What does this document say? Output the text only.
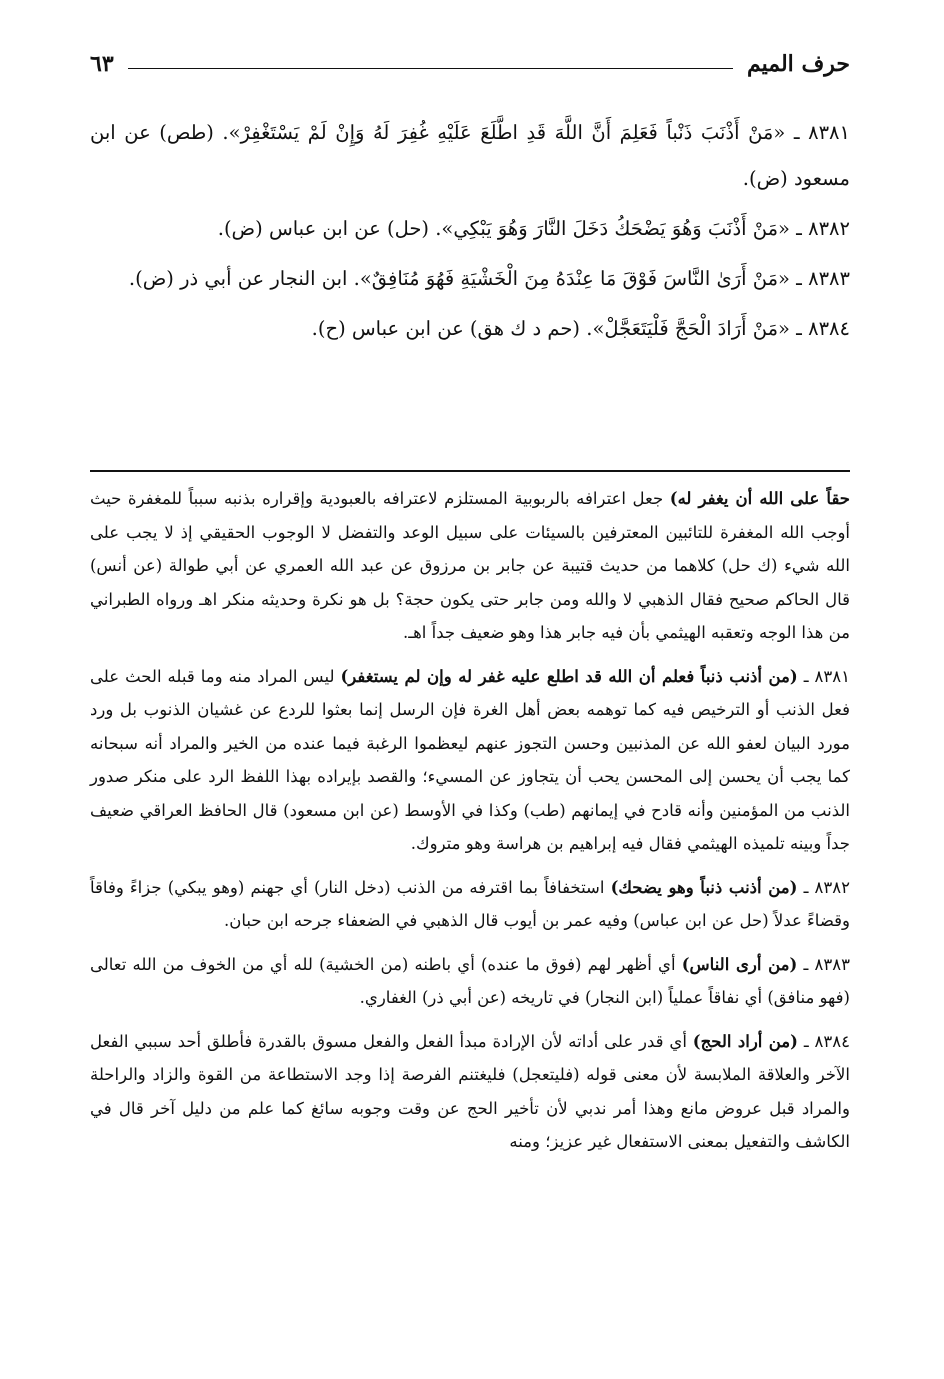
حرف الميم
٦٣

٨٣٨١ ـ «مَنْ أَذْنَبَ ذَنْباً فَعَلِمَ أَنَّ اللَّهَ قَدِ اطَّلَعَ عَلَيْهِ غُفِرَ لَهُ وَإِنْ لَمْ يَسْتَغْفِرْ». (طص) عن ابن مسعود (ض).

٨٣٨٢ ـ «مَنْ أَذْنَبَ وَهُوَ يَضْحَكُ دَخَلَ النَّارَ وَهُوَ يَبْكِي». (حل) عن ابن عباس (ض).

٨٣٨٣ ـ «مَنْ أَرَىٰ النَّاسَ فَوْقَ مَا عِنْدَهُ مِنَ الْخَشْيَةِ فَهُوَ مُنَافِقٌ». ابن النجار عن أبي ذر (ض).

٨٣٨٤ ـ «مَنْ أَرَادَ الْحَجَّ فَلْيَتَعَجَّلْ». (حم د ك هق) عن ابن عباس (ح).

حقاً على الله أن يغفر له) جعل اعترافه بالربوبية المستلزم لاعترافه بالعبودية وإقراره بذنبه سبباً للمغفرة حيث أوجب الله المغفرة للتائبين المعترفين بالسيئات على سبيل الوعد والتفضل لا الوجوب الحقيقي إذ لا يجب على الله شيء (ك حل) كلاهما من حديث قتيبة عن جابر بن مرزوق عن عبد الله العمري عن أبي طوالة (عن أنس) قال الحاكم صحيح فقال الذهبي لا والله ومن جابر حتى يكون حجة؟ بل هو نكرة وحديثه منكر اهـ ورواه الطبراني من هذا الوجه وتعقبه الهيثمي بأن فيه جابر هذا وهو ضعيف جداً اهـ.

٨٣٨١ ـ (من أذنب ذنباً فعلم أن الله قد اطلع عليه غفر له وإن لم يستغفر) ليس المراد منه وما قبله الحث على فعل الذنب أو الترخيص فيه كما توهمه بعض أهل الغرة فإن الرسل إنما بعثوا للردع عن غشيان الذنوب بل ورد مورد البيان لعفو الله عن المذنبين وحسن التجوز عنهم ليعظموا الرغبة فيما عنده من الخير والمراد أنه سبحانه كما يجب أن يحسن إلى المحسن يحب أن يتجاوز عن المسيء؛ والقصد بإيراده بهذا اللفظ الرد على منكر صدور الذنب من المؤمنين وأنه قادح في إيمانهم (طب) وكذا في الأوسط (عن ابن مسعود) قال الحافظ العراقي ضعيف جداً وبينه تلميذه الهيثمي فقال فيه إبراهيم بن هراسة وهو متروك.

٨٣٨٢ ـ (من أذنب ذنباً وهو يضحك) استخفافاً بما اقترفه من الذنب (دخل النار) أي جهنم (وهو يبكي) جزاءً وفاقاً وقضاءً عدلاً (حل عن ابن عباس) وفيه عمر بن أيوب قال الذهبي في الضعفاء جرحه ابن حبان.

٨٣٨٣ ـ (من أرى الناس) أي أظهر لهم (فوق ما عنده) أي باطنه (من الخشية) لله أي من الخوف من الله تعالى (فهو منافق) أي نفاقاً عملياً (ابن النجار) في تاريخه (عن أبي ذر) الغفاري.

٨٣٨٤ ـ (من أراد الحج) أي قدر على أداته لأن الإرادة مبدأ الفعل والفعل مسوق بالقدرة فأطلق أحد سببي الفعل الآخر والعلاقة الملابسة لأن معنى قوله (فليتعجل) فليغتنم الفرصة إذا وجد الاستطاعة من القوة والزاد والراحلة والمراد قبل عروض مانع وهذا أمر ندبي لأن تأخير الحج عن وقت وجوبه سائغ كما علم من دليل آخر قال في الكاشف والتفعيل بمعنى الاستفعال غير عزيز؛ ومنه
